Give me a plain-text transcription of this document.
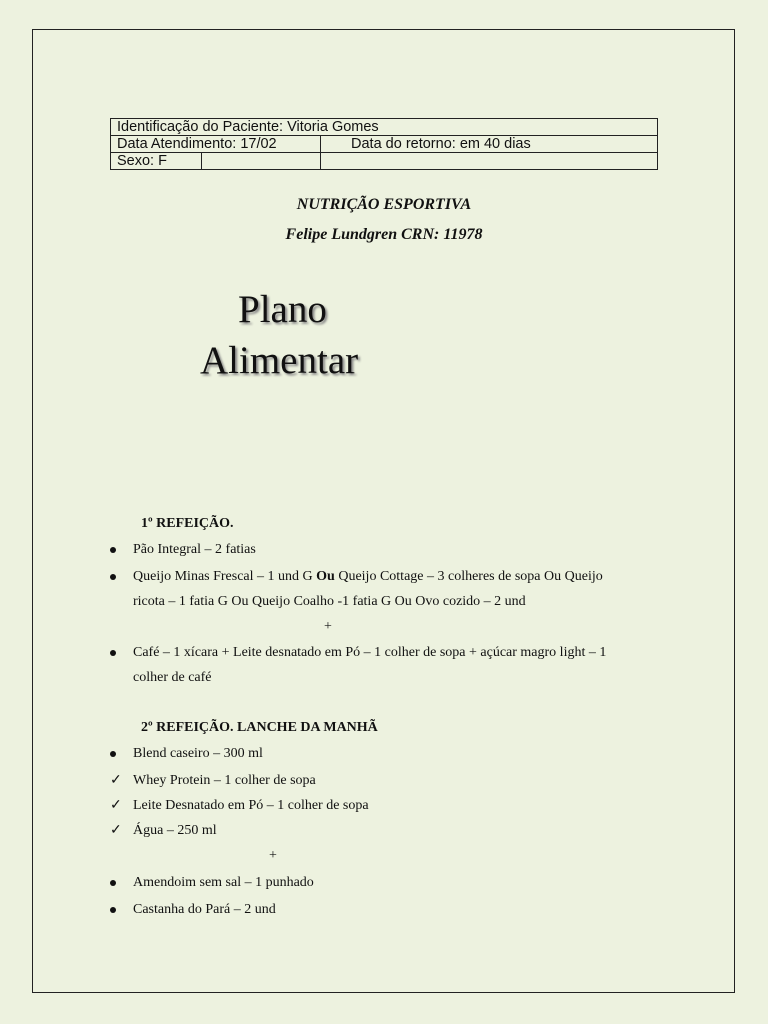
Identificação do Paciente: Vitoria Gomes		
Data Atendimento: 17/02		Data do retorno: em 40 dias
Sexo: F		
NUTRIÇÃO ESPORTIVA
Felipe Lundgren CRN: 11978
Plano
Alimentar
1º REFEIÇÃO.
Pão Integral – 2 fatias
Queijo Minas Frescal – 1 und G Ou Queijo Cottage – 3 colheres de sopa Ou Queijo
ricota – 1 fatia G Ou Queijo Coalho -1 fatia G Ou Ovo cozido – 2 und
+
Café – 1 xícara + Leite desnatado em Pó – 1 colher de sopa + açúcar magro light – 1
colher de café
2º REFEIÇÃO. LANCHE DA MANHÃ
Blend caseiro – 300 ml
✓ Whey Protein – 1 colher de sopa
✓ Leite Desnatado em Pó – 1 colher de sopa
✓ Água – 250 ml
+
Amendoim sem sal – 1 punhado
Castanha do Pará – 2 und
